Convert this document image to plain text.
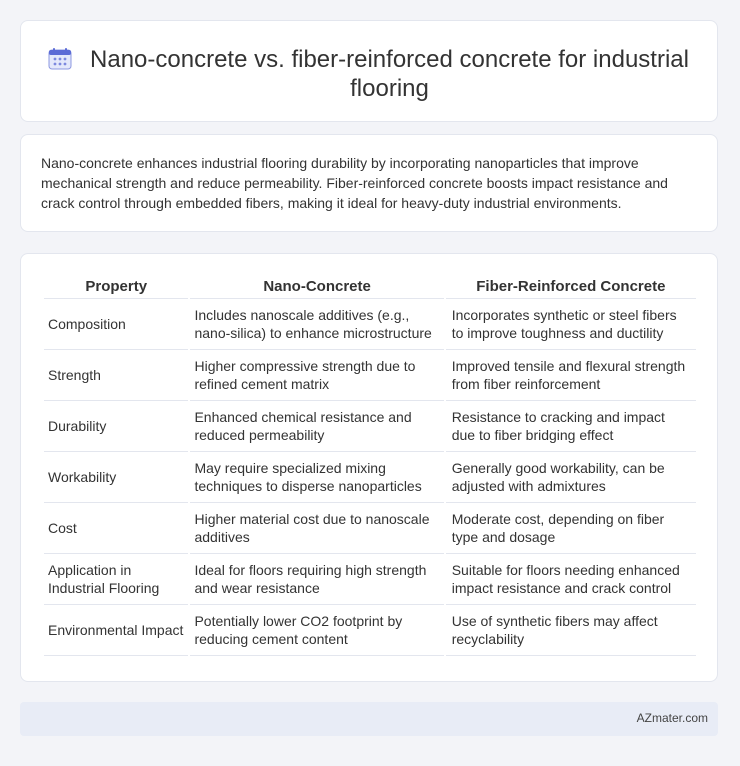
Nano-concrete vs. fiber-reinforced concrete for industrial flooring

Nano-concrete enhances industrial flooring durability by incorporating nanoparticles that improve mechanical strength and reduce permeability. Fiber-reinforced concrete boosts impact resistance and crack control through embedded fibers, making it ideal for heavy-duty industrial environments.

Property	Nano-Concrete	Fiber-Reinforced Concrete
Composition	Includes nanoscale additives (e.g., nano-silica) to enhance microstructure	Incorporates synthetic or steel fibers to improve toughness and ductility
Strength	Higher compressive strength due to refined cement matrix	Improved tensile and flexural strength from fiber reinforcement
Durability	Enhanced chemical resistance and reduced permeability	Resistance to cracking and impact due to fiber bridging effect
Workability	May require specialized mixing techniques to disperse nanoparticles	Generally good workability, can be adjusted with admixtures
Cost	Higher material cost due to nanoscale additives	Moderate cost, depending on fiber type and dosage
Application in Industrial Flooring	Ideal for floors requiring high strength and wear resistance	Suitable for floors needing enhanced impact resistance and crack control
Environmental Impact	Potentially lower CO2 footprint by reducing cement content	Use of synthetic fibers may affect recyclability
AZmater.com
